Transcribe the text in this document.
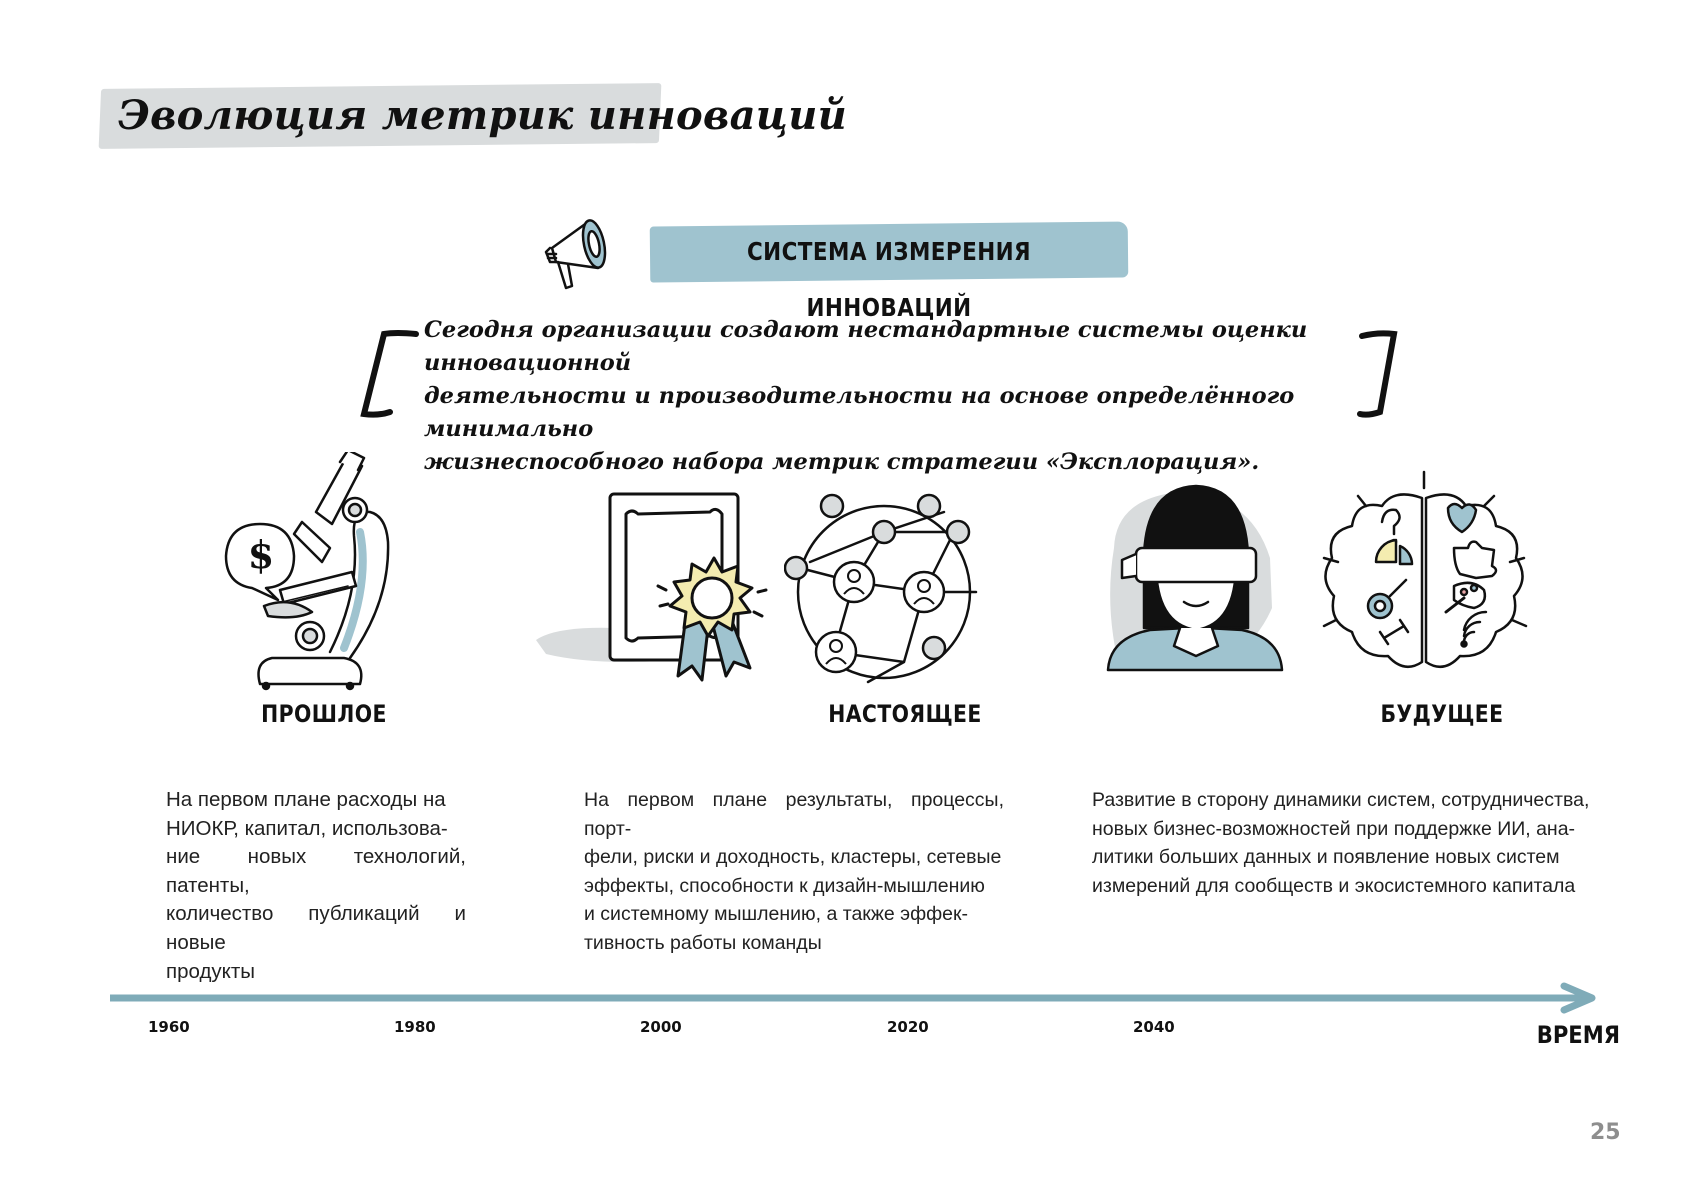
Эволюция метрик инноваций
СИСТЕМА ИЗМЕРЕНИЯ ИННОВАЦИЙ
Сегодня организации создают нестандартные системы оценки инновационной
деятельности и производительности на основе определённого минимально
жизнеспособного набора метрик стратегии «Эксплорация».
$
ПРОШЛОЕ	НАСТОЯЩЕЕ	БУДУЩЕЕ
На первом плане расходы на
НИОКР, капитал, использова-
ние новых технологий, патенты,
количество публикаций и новые
продукты
На первом плане результаты, процессы, порт-
фели, риски и доходность, кластеры, сетевые
эффекты, способности к дизайн-мышлению
и системному мышлению, а также эффек-
тивность работы команды
Развитие в сторону динамики систем, сотрудничества,
новых бизнес-возможностей при поддержке ИИ, ана-
литики больших данных и появление новых систем
измерений для сообществ и экосистемного капитала
1960	1980	2000	2020	2040	ВРЕМЯ
25
